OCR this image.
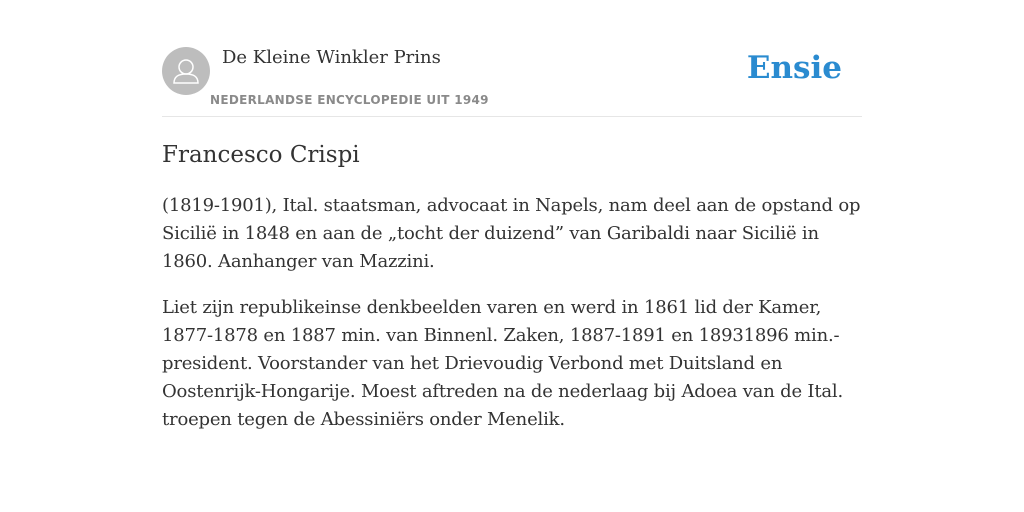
De Kleine Winkler Prins
NEDERLANDSE ENCYCLOPEDIE UIT 1949
Ensie
Francesco Crispi

(1819-1901), Ital. staatsman, advocaat in Napels, nam deel aan de opstand op Sicilië in 1848 en aan de „tocht der duizend” van Garibaldi naar Sicilië in 1860. Aanhanger van Mazzini.

Liet zijn republikeinse denkbeelden varen en werd in 1861 lid der Kamer, 1877-1878 en 1887 min. van Binnenl. Zaken, 1887-1891 en 18931896 min.-president. Voorstander van het Drievoudig Verbond met Duitsland en Oostenrijk-Hongarije. Moest aftreden na de nederlaag bij Adoea van de Ital. troepen tegen de Abessiniërs onder Menelik.
